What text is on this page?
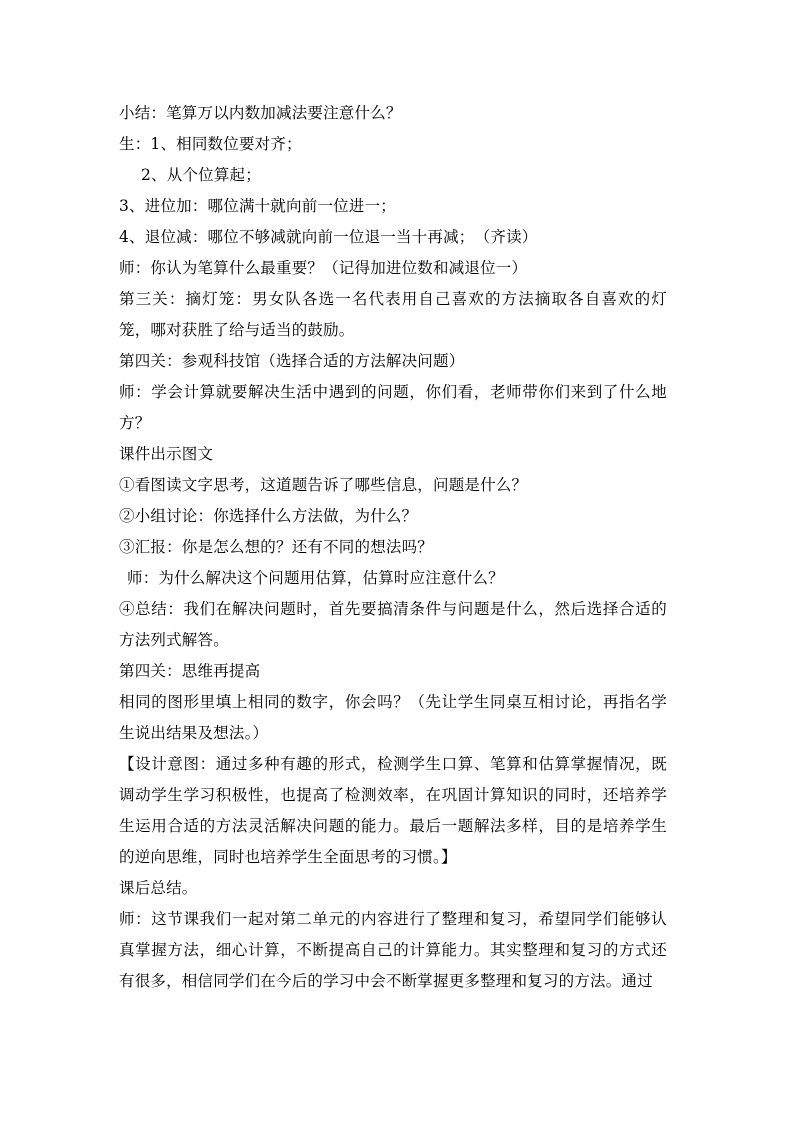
小结：笔算万以内数加减法要注意什么？

生：1、相同数位要对齐；

2、从个位算起；

3、进位加：哪位满十就向前一位进一；

4、退位减：哪位不够减就向前一位退一当十再减；　（齐读）

师：你认为笔算什么最重要？（记得加进位数和减退位一）

第三关：摘灯笼：男女队各选一名代表用自己喜欢的方法摘取各自喜欢的灯笼，哪对获胜了给与适当的鼓励。

第四关：参观科技馆（选择合适的方法解决问题）

师：学会计算就要解决生活中遇到的问题，你们看，老师带你们来到了什么地方？

课件出示图文

①看图读文字思考，这道题告诉了哪些信息，问题是什么？

②小组讨论：你选择什么方法做，为什么？

③汇报：你是怎么想的？还有不同的想法吗？

师：为什么解决这个问题用估算，估算时应注意什么？

④总结：我们在解决问题时，首先要搞清条件与问题是什么，然后选择合适的方法列式解答。

第四关：思维再提高

相同的图形里填上相同的数字，你会吗？（先让学生同桌互相讨论，再指名学生说出结果及想法。）

【设计意图：通过多种有趣的形式，检测学生口算、笔算和估算掌握情况，既调动学生学习积极性，也提高了检测效率，在巩固计算知识的同时，还培养学生运用合适的方法灵活解决问题的能力。最后一题解法多样，目的是培养学生的逆向思维，同时也培养学生全面思考的习惯。】

课后总结。

师：这节课我们一起对第二单元的内容进行了整理和复习，希望同学们能够认真掌握方法，细心计算，不断提高自己的计算能力。其实整理和复习的方式还有很多，相信同学们在今后的学习中会不断掌握更多整理和复习的方法。通过
